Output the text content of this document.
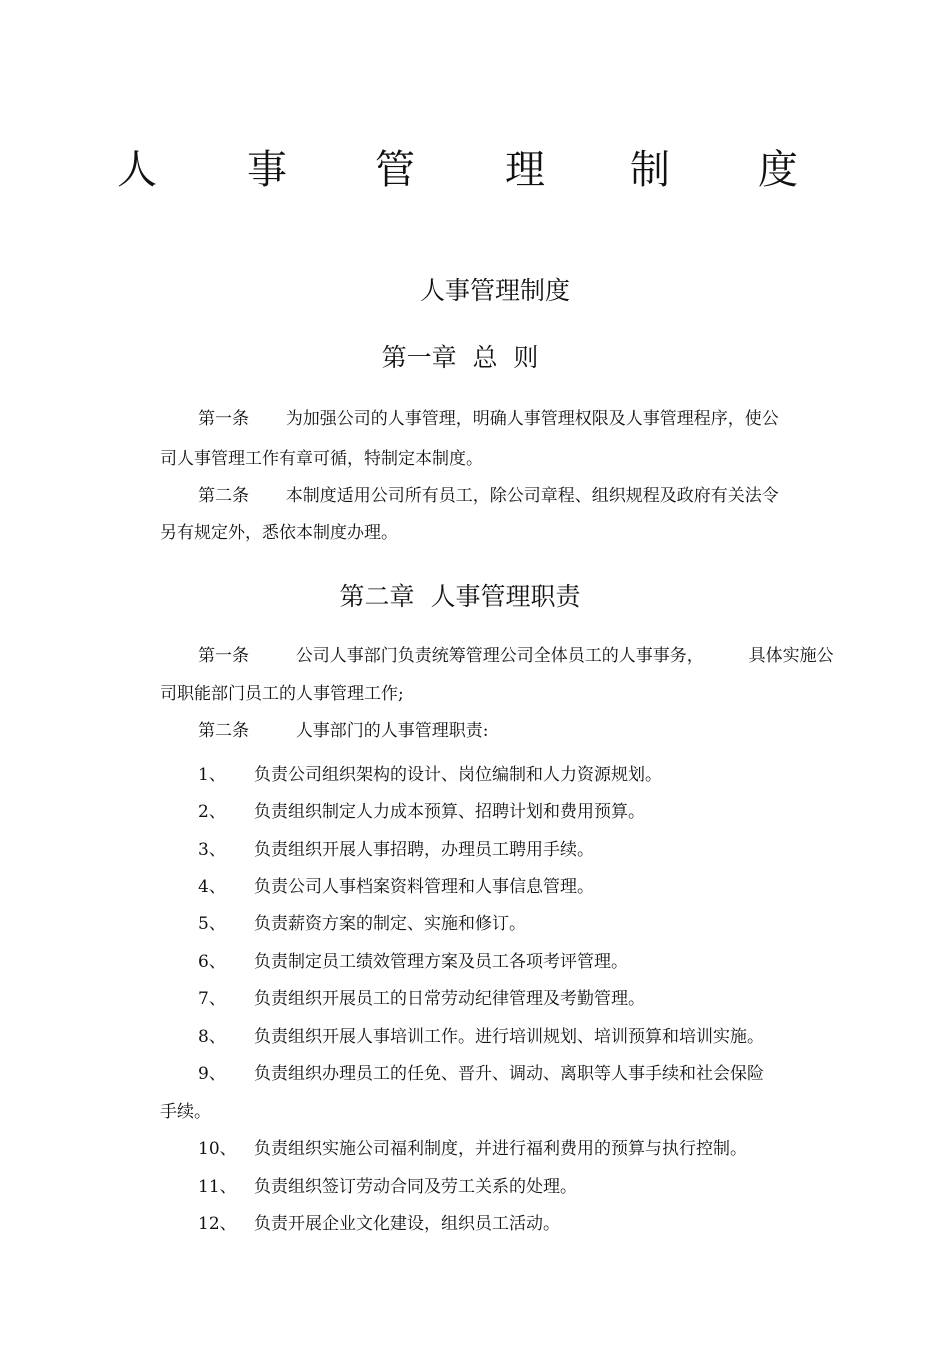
人 事 管 理 制 度
人事管理制度
第一章  总  则
第一条 为加强公司的人事管理，明确人事管理权限及人事管理程序，使公
司人事管理工作有章可循，特制定本制度。
第二条 本制度适用公司所有员工，除公司章程、组织规程及政府有关法令
另有规定外，悉依本制度办理。
第二章  人事管理职责
第一条	公司人事部门负责统筹管理公司全体员工的人事事务，	具体实施公
司职能部门员工的人事管理工作;
第二条	人事部门的人事管理职责:
1、 负责公司组织架构的设计、岗位编制和人力资源规划。
2、 负责组织制定人力成本预算、招聘计划和费用预算。
3、 负责组织开展人事招聘，办理员工聘用手续。
4、 负责公司人事档案资料管理和人事信息管理。
5、 负责薪资方案的制定、实施和修订。
6、 负责制定员工绩效管理方案及员工各项考评管理。
7、 负责组织开展员工的日常劳动纪律管理及考勤管理。
8、 负责组织开展人事培训工作。进行培训规划、培训预算和培训实施。
9、 负责组织办理员工的任免、晋升、调动、离职等人事手续和社会保险
手续。
10、 负责组织实施公司福利制度，并进行福利费用的预算与执行控制。
11、 负责组织签订劳动合同及劳工关系的处理。
12、 负责开展企业文化建设，组织员工活动。
